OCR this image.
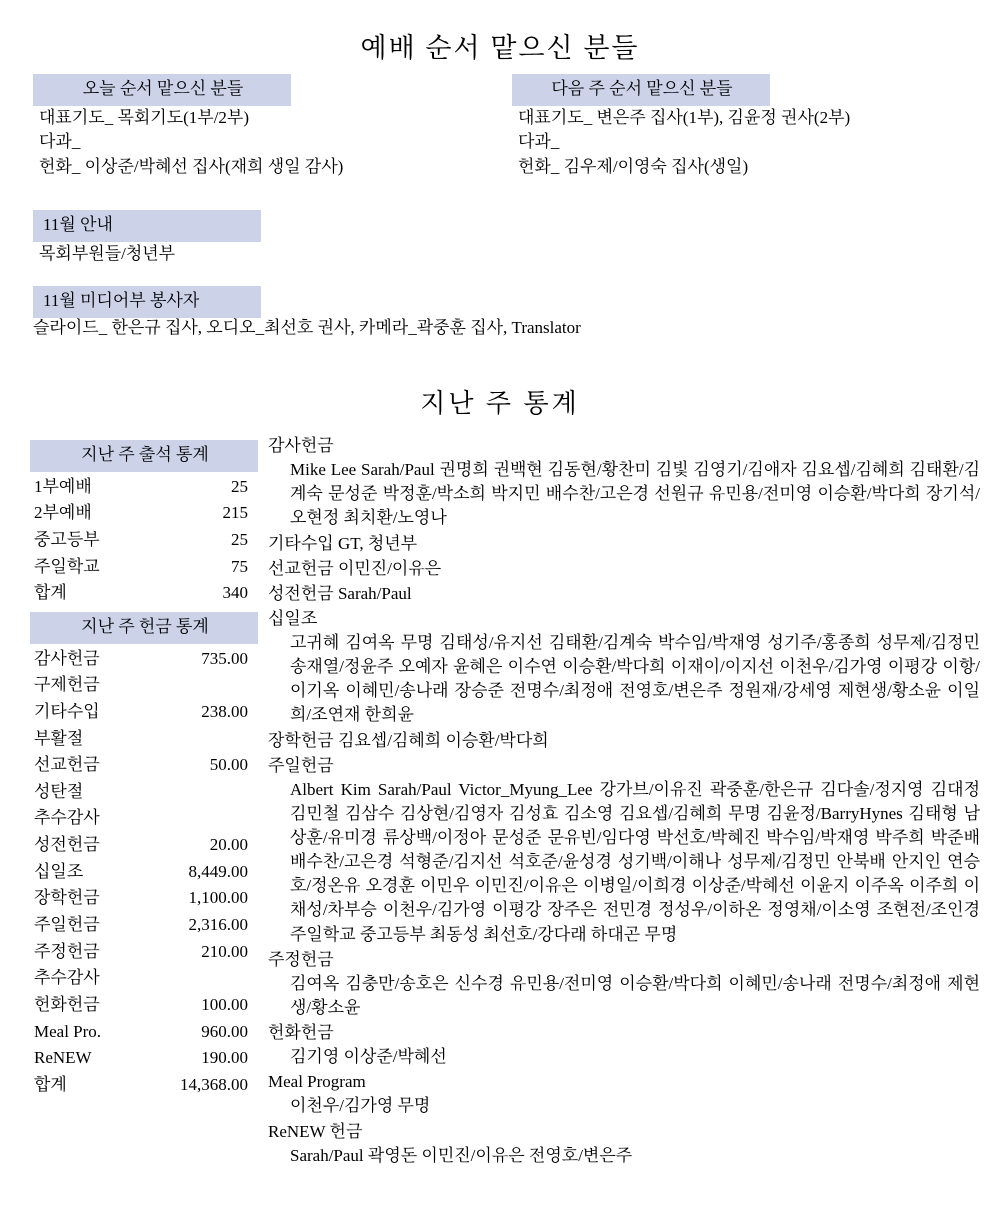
예배 순서 맡으신 분들
오늘 순서 맡으신 분들
대표기도_ 목회기도(1부/2부)
다과_
헌화_ 이상준/박혜선 집사(재희 생일 감사)
다음 주 순서 맡으신 분들
대표기도_ 변은주 집사(1부), 김윤정 권사(2부)
다과_
헌화_ 김우제/이영숙 집사(생일)
11월 안내
목회부원들/청년부
11월 미디어부 봉사자
슬라이드_ 한은규 집사, 오디오_최선호 권사, 카메라_곽중훈 집사, Translator
지난 주 통계
지난 주 출석 통계
1부예배	25
2부예배	215
중고등부	25
주일학교	75
합계	340
지난 주 헌금 통계
감사헌금	735.00
구제헌금	
기타수입	238.00
부활절	
선교헌금	50.00
성탄절	
추수감사	
성전헌금	20.00
십일조	8,449.00
장학헌금	1,100.00
주일헌금	2,316.00
주정헌금	210.00
추수감사	
헌화헌금	100.00
Meal Pro.	960.00
ReNEW	190.00
합계	14,368.00
감사헌금
Mike Lee Sarah/Paul 권명희 권백현 김동현/황찬미 김빛 김영기/김애자 김요셉/김혜희 김태환/김계숙 문성준 박정훈/박소희 박지민 배수찬/고은경 선원규 유민용/전미영 이승환/박다희 장기석/오현정 최치환/노영나
기타수입 GT, 청년부
선교헌금 이민진/이유은
성전헌금 Sarah/Paul
십일조
고귀혜 김여옥 무명 김태성/유지선 김태환/김계숙 박수임/박재영 성기주/홍종희 성무제/김정민 송재열/정윤주 오예자 윤혜은 이수연 이승환/박다희 이재이/이지선 이천우/김가영 이평강 이항/이기옥 이혜민/송나래 장승준 전명수/최정애 전영호/변은주 정원재/강세영 제현생/황소윤 이일희/조연재 한희윤
장학헌금 김요셉/김혜희 이승환/박다희
주일헌금
Albert Kim Sarah/Paul Victor_Myung_Lee 강가브/이유진 곽중훈/한은규 김다솔/정지영 김대정 김민철 김삼수 김상현/김영자 김성효 김소영 김요셉/김혜희 무명 김윤정/BarryHynes 김태형 남상훈/유미경 류상백/이정아 문성준 문유빈/임다영 박선호/박혜진 박수임/박재영 박주희 박준배 배수찬/고은경 석형준/김지선 석호준/윤성경 성기백/이해나 성무제/김정민 안북배 안지인 연승호/정온유 오경훈 이민우 이민진/이유은 이병일/이희경 이상준/박혜선 이윤지 이주옥 이주희 이채성/차부승 이천우/김가영 이평강 장주은 전민경 정성우/이하온 정영채/이소영 조현전/조인경 주일학교 중고등부 최동성 최선호/강다래 하대곤 무명
주정헌금
김여옥 김충만/송호은 신수경 유민용/전미영 이승환/박다희 이혜민/송나래 전명수/최정애 제현생/황소윤
헌화헌금
김기영 이상준/박혜선
Meal Program
이천우/김가영 무명
ReNEW 헌금
Sarah/Paul 곽영돈 이민진/이유은 전영호/변은주
